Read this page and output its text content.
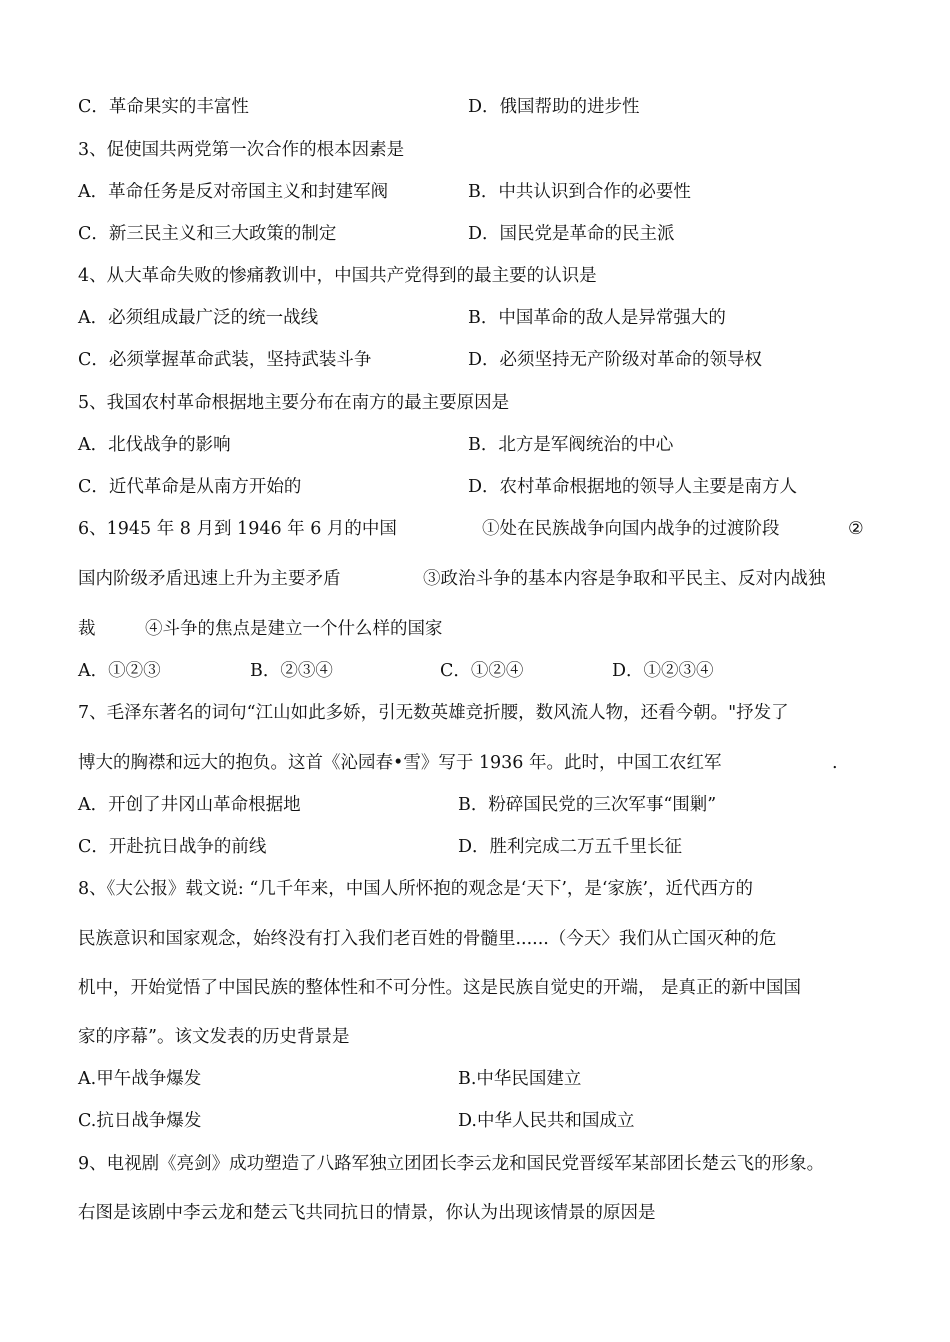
C．革命果实的丰富性	D．俄国帮助的进步性
3、促使国共两党第一次合作的根本因素是
A．革命任务是反对帝国主义和封建军阀	B．中共认识到合作的必要性
C．新三民主义和三大政策的制定	D．国民党是革命的民主派
4、从大革命失败的惨痛教训中，中国共产党得到的最主要的认识是
A．必须组成最广泛的统一战线	B．中国革命的敌人是异常强大的
C．必须掌握革命武装，坚持武装斗争	D．必须坚持无产阶级对革命的领导权
5、我国农村革命根据地主要分布在南方的最主要原因是
A．北伐战争的影响	B．北方是军阀统治的中心
C．近代革命是从南方开始的	D．农村革命根据地的领导人主要是南方人
6、1945 年 8 月到 1946 年 6 月的中国	①处在民族战争向国内战争的过渡阶段	②
国内阶级矛盾迅速上升为主要矛盾	③政治斗争的基本内容是争取和平民主、反对内战独
裁	④斗争的焦点是建立一个什么样的国家
A．①②③	B．②③④	C．①②④	D．①②③④
7、毛泽东著名的词句“江山如此多娇，引无数英雄竞折腰，数风流人物，还看今朝。"抒发了
博大的胸襟和远大的抱负。这首《沁园春•雪》写于 1936 年。此时，中国工农红军	.
A．开创了井冈山革命根据地	B．粉碎国民党的三次军事“围剿”
C．开赴抗日战争的前线	D．胜利完成二万五千里长征
8、《大公报》载文说: “几千年来，中国人所怀抱的观念是‘天下’，是‘家族’，近代西方的
民族意识和国家观念，始终没有打入我们老百姓的骨髓里......（今天〉我们从亡国灭种的危
机中，开始觉悟了中国民族的整体性和不可分性。这是民族自觉史的开端， 是真正的新中国国
家的序幕”。该文发表的历史背景是
A.甲午战争爆发	B.中华民国建立
C.抗日战争爆发	D.中华人民共和国成立
9、电视剧《亮剑》成功塑造了八路军独立团团长李云龙和国民党晋绥军某部团长楚云飞的形象。
右图是该剧中李云龙和楚云飞共同抗日的情景，你认为出现该情景的原因是
